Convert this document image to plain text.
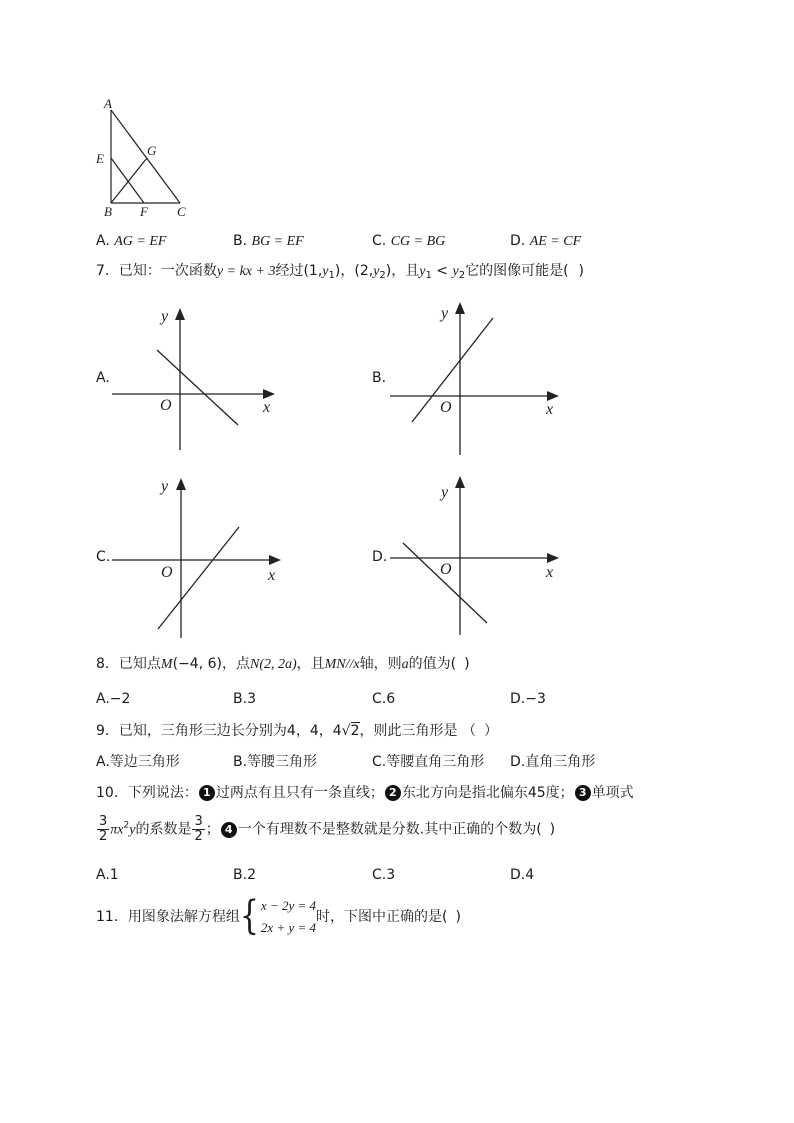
A
E
G
B F C
A. AG = EF	B. BG = EF	C. CG = BG	D. AE = CF
7．已知：一次函数y = kx + 3经过$(1,y_1)$，$(2,y_2)$，且$y_1 < y_2$它的图像可能是( )
A.	B.
C.	D.
y
x
O
y
x
O
y
x
O
y
x
O
8．已知点M(−4, 6)，点N(2, 2a)，且MN//x轴，则a的值为( )
A.−2	B.3	C.6	D.−3
9．已知，三角形三边长分别为4，4，4√2，则此三角形是 （ ）
A.等边三角形	B.等腰三角形	C.等腰直角三角形 D.直角三角形
10．下列说法： 1 过两点有且只有一条直线； 2 东北方向是指北偏东45度； 3 单项式
$\frac{3}{2} \pi x^2y$的系数是 $\frac{3}{2}$ ； 4 一个有理数不是整数就是分数.其中正确的个数为( )
A.1	B.2	C.3	D.4
11．用图象法解方程组{ x − 2y = 4
2x + y = 4
时，下图中正确的是( )
